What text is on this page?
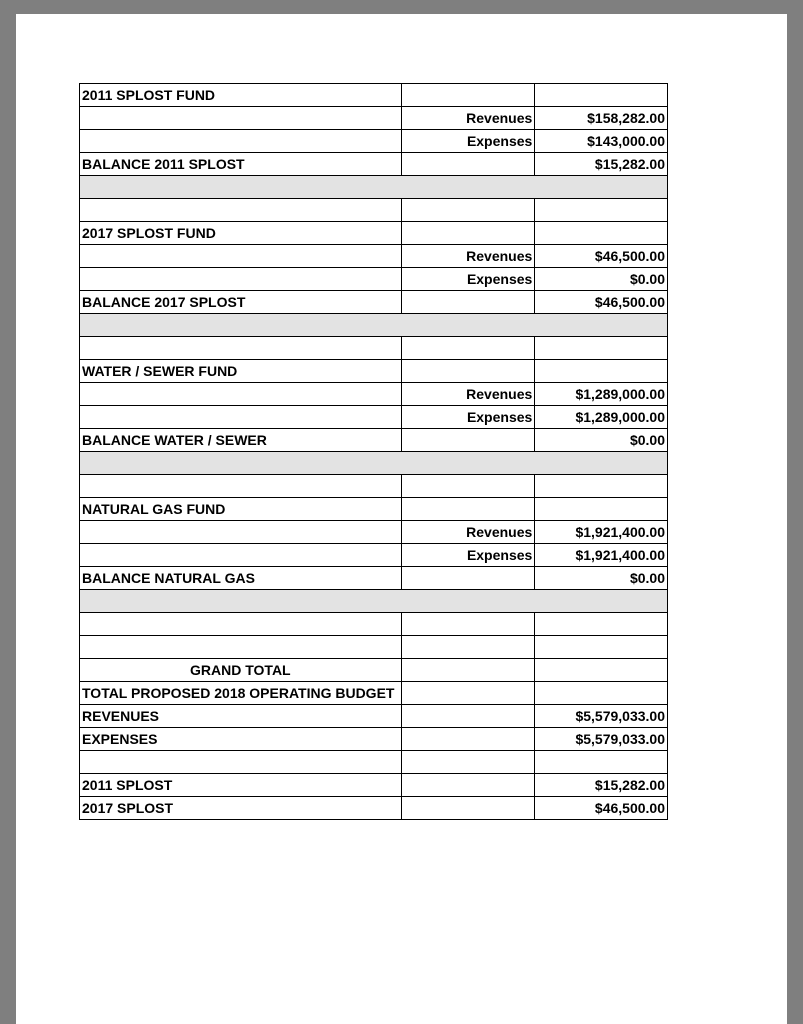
2011 SPLOST FUND		
	Revenues	$158,282.00
	Expenses	$143,000.00
BALANCE 2011 SPLOST		$15,282.00

2017 SPLOST FUND		
	Revenues	$46,500.00
	Expenses	$0.00
BALANCE 2017 SPLOST		$46,500.00

WATER / SEWER FUND		
	Revenues	$1,289,000.00
	Expenses	$1,289,000.00
BALANCE WATER / SEWER		$0.00

NATURAL GAS FUND		
	Revenues	$1,921,400.00
	Expenses	$1,921,400.00
BALANCE NATURAL GAS		$0.00

GRAND TOTAL		
TOTAL PROPOSED 2018 OPERATING BUDGET		
REVENUES		$5,579,033.00
EXPENSES		$5,579,033.00

2011 SPLOST		$15,282.00
2017 SPLOST		$46,500.00
